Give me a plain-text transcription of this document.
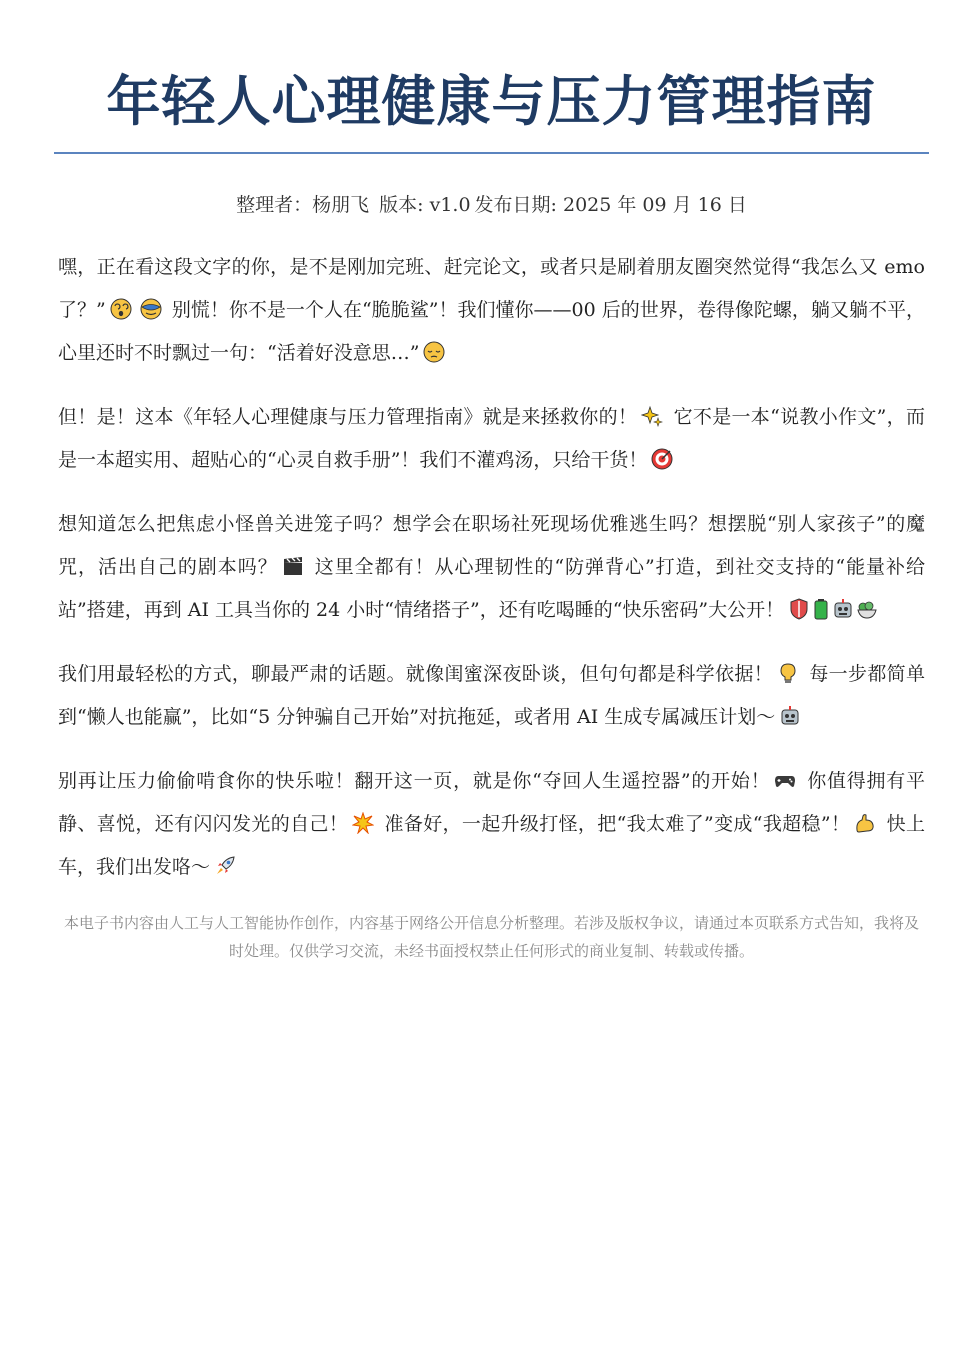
年轻人心理健康与压力管理指南
整理者：杨朋飞 版本: v1.0 发布日期: 2025 年 09 月 16 日

嘿，正在看这段文字的你，是不是刚加完班、赶完论文，或者只是刷着朋友圈突然觉得“我怎么又 emo 了？”	别慌！你不是一个人在“脆脆鲨”！我们懂你——00 后的世界，卷得像陀螺，躺又躺不平，心里还时不时飘过一句：“活着好没意思…”

但！是！这本《年轻人心理健康与压力管理指南》就是来拯救你的！ 它不是一本“说教小作文”，而是一本超实用、超贴心的“心灵自救手册”！我们不灌鸡汤，只给干货！

想知道怎么把焦虑小怪兽关进笼子吗？想学会在职场社死现场优雅逃生吗？想摆脱“别人家孩子”的魔咒，活出自己的剧本吗？ 这里全都有！从心理韧性的“防弹背心”打造，到社交支持的“能量补给站”搭建，再到 AI 工具当你的 24 小时“情绪搭子”，还有吃喝睡的“快乐密码”大公开！

我们用最轻松的方式，聊最严肃的话题。就像闺蜜深夜卧谈，但句句都是科学依据！ 每一步都简单到“懒人也能赢”，比如“5 分钟骗自己开始”对抗拖延，或者用 AI 生成专属减压计划～

别再让压力偷偷啃食你的快乐啦！翻开这一页，就是你“夺回人生遥控器”的开始！ 你值得拥有平静、喜悦，还有闪闪发光的自己！ 准备好，一起升级打怪，把“我太难了”变成“我超稳”！ 快上车，我们出发咯～

本电子书内容由人工与人工智能协作创作，内容基于网络公开信息分析整理。若涉及版权争议，请通过本页联系方式告知，我将及时处理。仅供学习交流，未经书面授权禁止任何形式的商业复制、转载或传播。
